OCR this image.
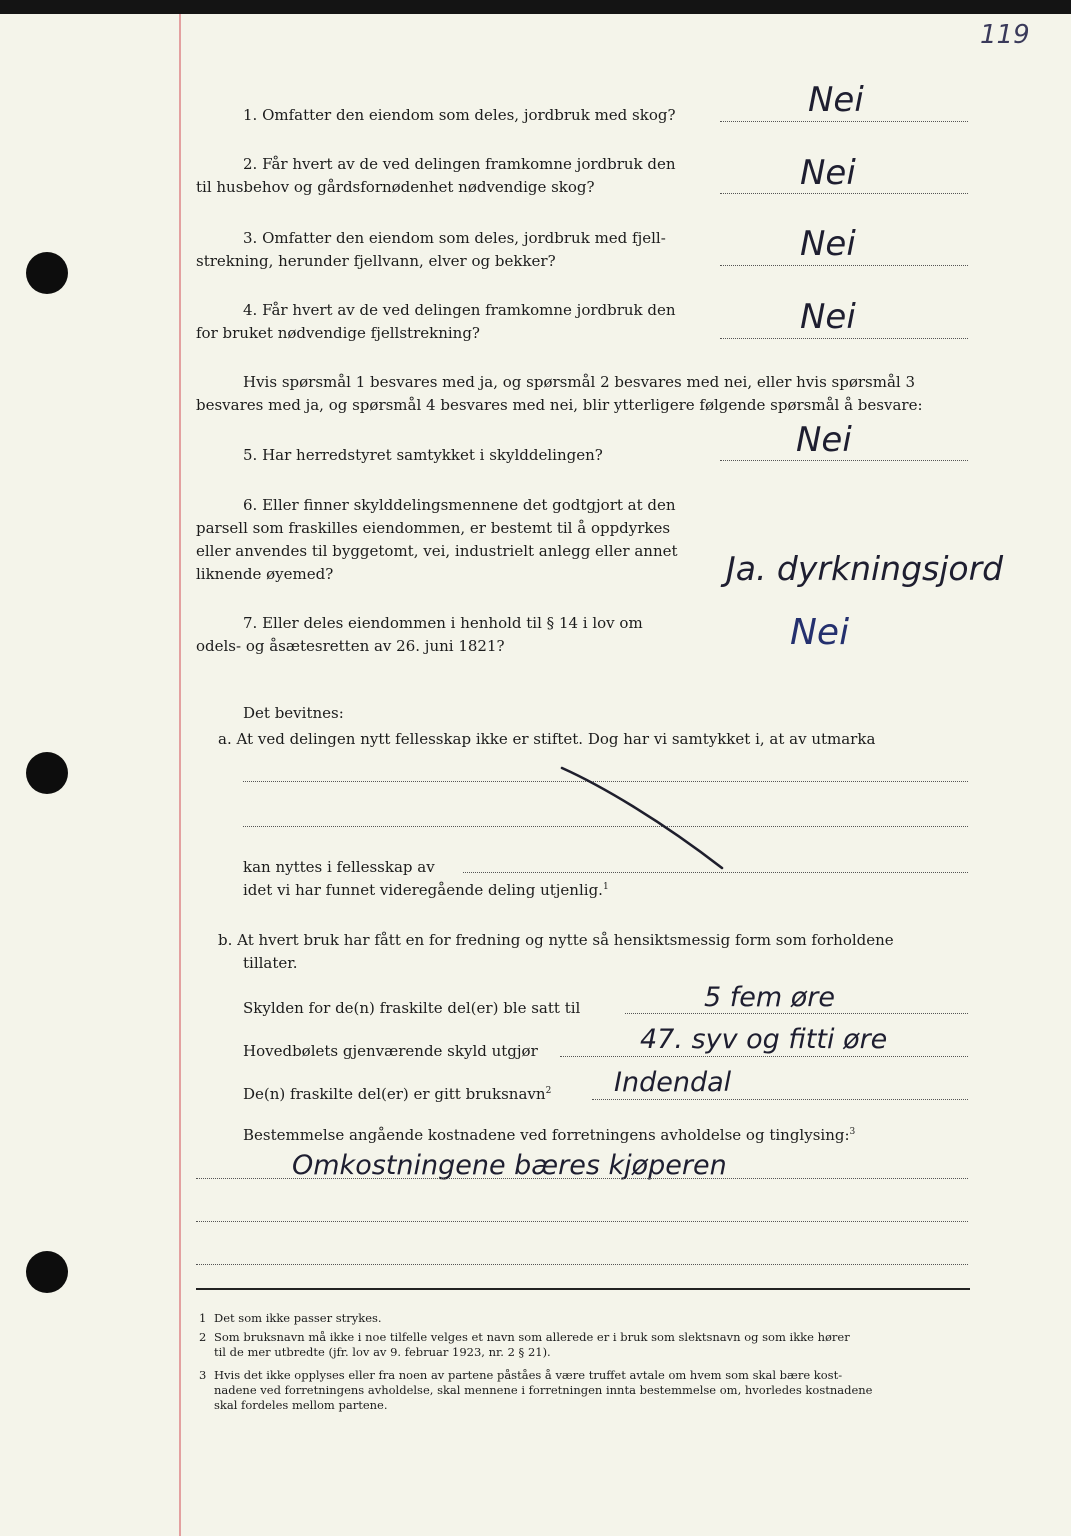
119
1. Omfatter den eiendom som deles, jordbruk med skog?	Nei
2. Får hvert av de ved delingen framkomne jordbruk den
til husbehov og gårdsfornødenhet nødvendige skog?	Nei
3. Omfatter den eiendom som deles, jordbruk med fjell-
strekning, herunder fjellvann, elver og bekker?	Nei
4. Får hvert av de ved delingen framkomne jordbruk den
for bruket nødvendige fjellstrekning?	Nei
Hvis spørsmål 1 besvares med ja, og spørsmål 2 besvares med nei, eller hvis spørsmål 3
besvares med ja, og spørsmål 4 besvares med nei, blir ytterligere følgende spørsmål å besvare:
5. Har herredstyret samtykket i skylddelingen?	Nei
6. Eller finner skylddelingsmennene det godtgjort at den
parsell som fraskilles eiendommen, er bestemt til å oppdyrkes
eller anvendes til byggetomt, vei, industrielt anlegg eller annet
liknende øyemed?	Ja. dyrkningsjord
7. Eller deles eiendommen i henhold til § 14 i lov om
odels- og åsætesretten av 26. juni 1821?	Nei
Det bevitnes:
a. At ved delingen nytt fellesskap ikke er stiftet. Dog har vi samtykket i, at av utmarka
kan nyttes i fellesskap av
idet vi har funnet videregående deling utjenlig.$^1$
b. At hvert bruk har fått en for fredning og nytte så hensiktsmessig form som forholdene
tillater.
Skylden for de(n) fraskilte del(er) ble satt til	5 fem øre
Hovedbølets gjenværende skyld utgjør	47. syv og fitti øre
De(n) fraskilte del(er) er gitt bruksnavn$^2$ Indendal
Bestemmelse angående kostnadene ved forretningens avholdelse og tinglysing:$^3$
Omkostningene bæres kjøperen
1 Det som ikke passer strykes.
2 Som bruksnavn må ikke i noe tilfelle velges et navn som allerede er i bruk som slektsnavn og som ikke hører
til de mer utbredte (jfr. lov av 9. februar 1923, nr. 2 § 21).
3 Hvis det ikke opplyses eller fra noen av partene påståes å være truffet avtale om hvem som skal bære kost-
nadene ved forretningens avholdelse, skal mennene i forretningen innta bestemmelse om, hvorledes kostnadene
skal fordeles mellom partene.
